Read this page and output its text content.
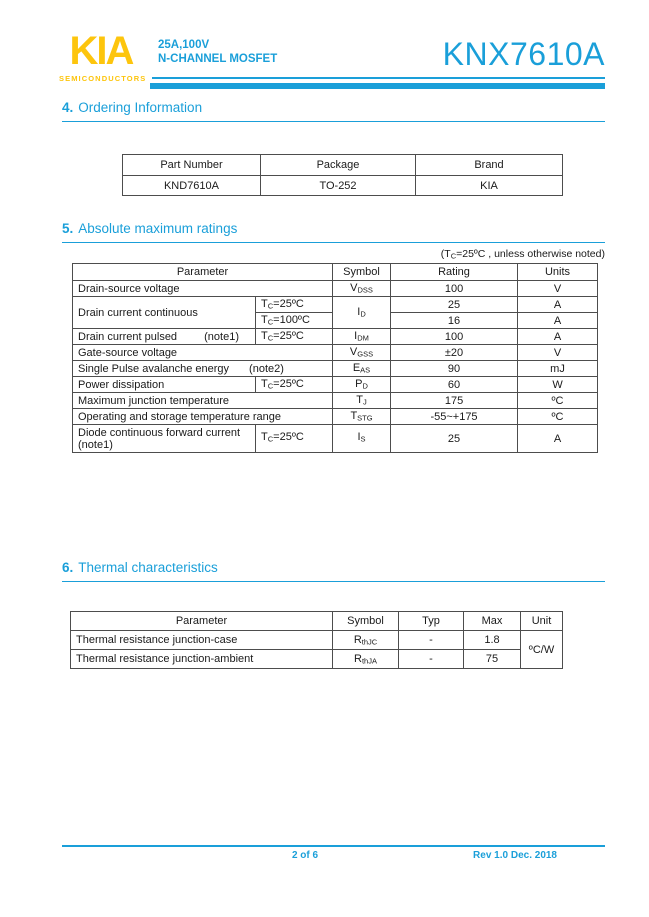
KIA
SEMICONDUCTORS
25A,100V
N-CHANNEL MOSFET	KNX7610A
4. Ordering Information
Part Number	Package	Brand
KND7610A	TO-252	KIA
5. Absolute maximum ratings
($T_C=25ºC$ , unless otherwise noted)
Parameter		Symbol	Rating	Units
Drain-source voltage		$V_{DSS}$	100	V
Drain current continuous	$T_C=25ºC$	$I_D$	25	A
	$T_C=100ºC$		16	A

Drain current pulsed (note1)	$T_C=25ºC$	$I_{DM}$	100	A
Gate-source voltage		$V_{GSS}$	±20	V
Single Pulse avalanche energy (note2)		$E_{AS}$	90	mJ
Power dissipation	$T_C=25ºC$	$P_D$	60	W
Maximum junction temperature		$T_J$	175	ºC
Operating and storage temperature range		$T_{STG}$	-55~+175	ºC
Diode continuous forward current
(note1)	$T_C=25ºC$	$I_S$	25	A
6. Thermal characteristics
Parameter	Symbol	Typ	Max	Unit
Thermal resistance junction-case	$R_{thJC}$	-	1.8	ºC/W
Thermal resistance junction-ambient	$R_{thJA}$	-	75	
2 of 6	Rev 1.0 Dec. 2018
